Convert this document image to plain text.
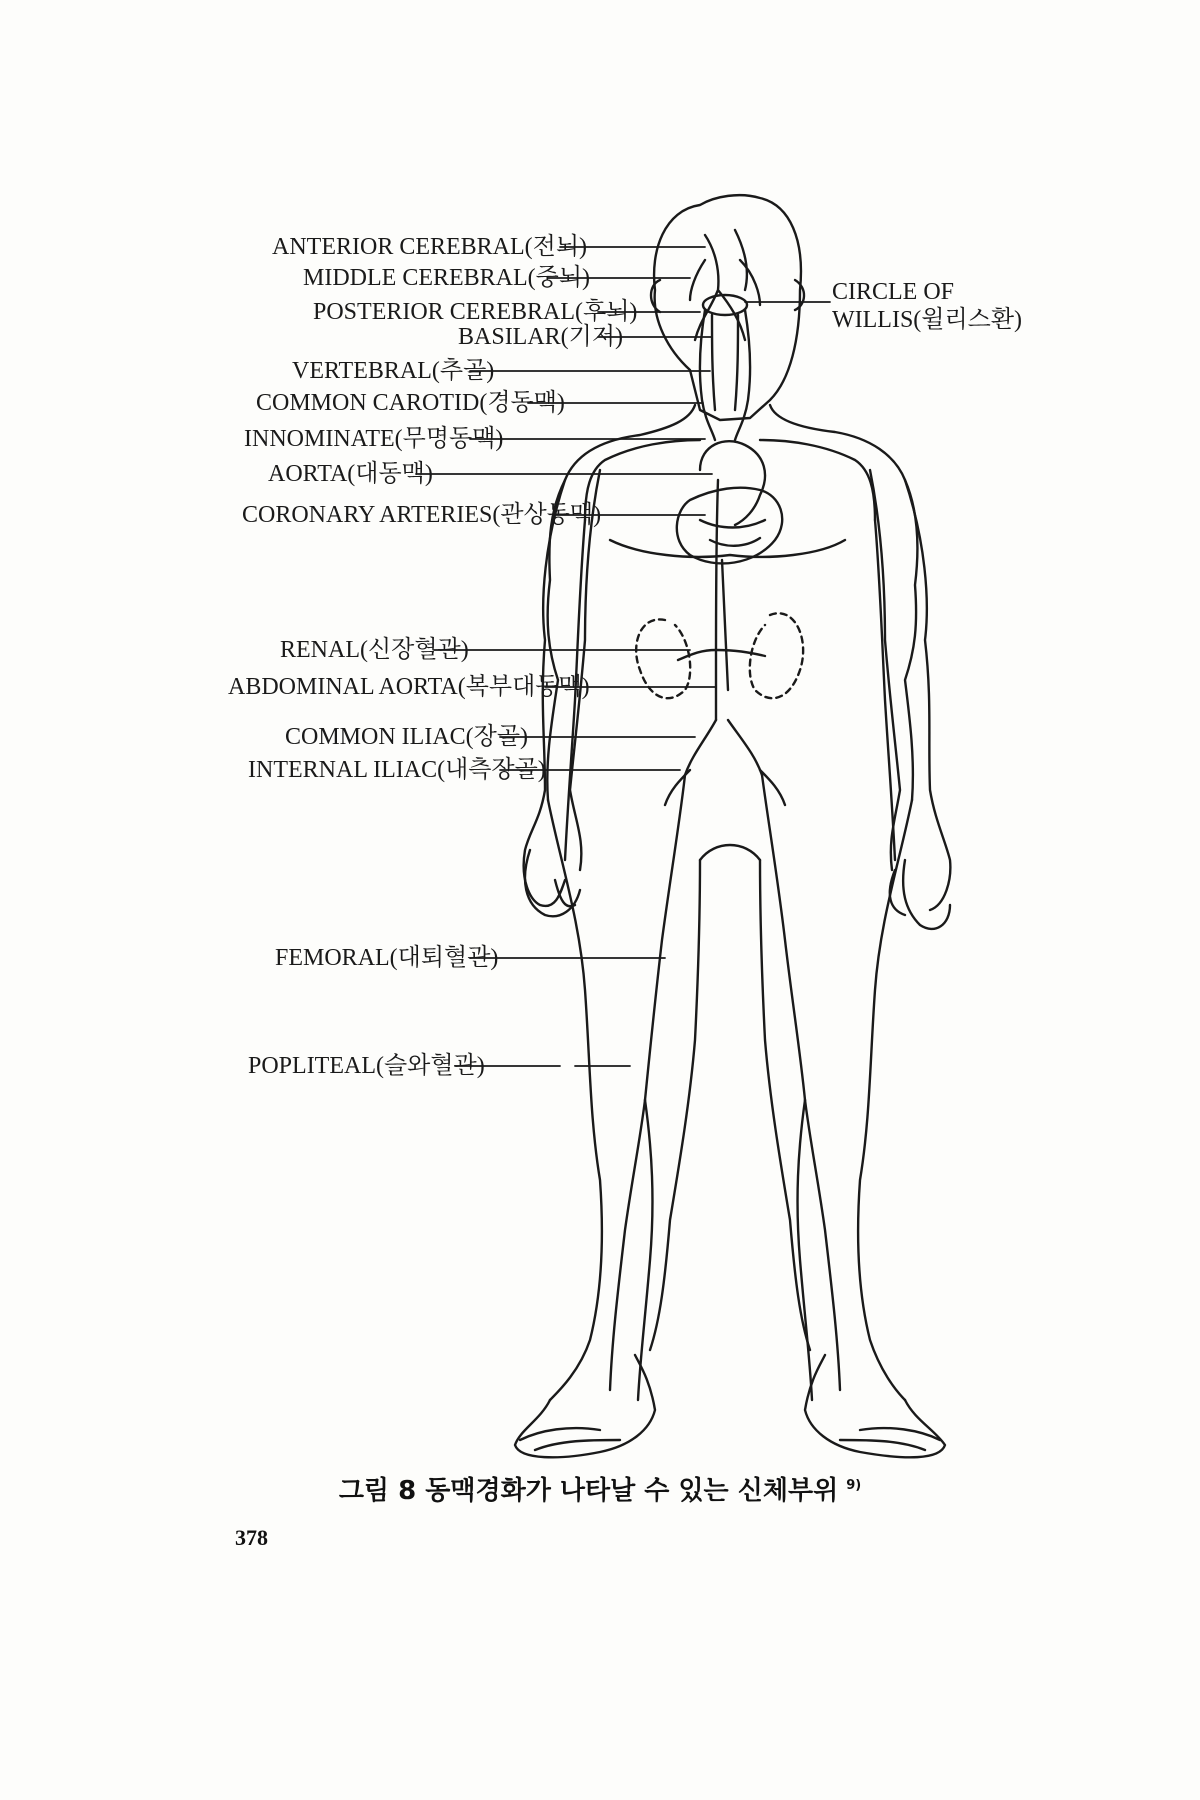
ANTERIOR CEREBRAL(전뇌)
MIDDLE CEREBRAL(중뇌)
POSTERIOR CEREBRAL(후뇌)
BASILAR(기저)
VERTEBRAL(추골)
COMMON CAROTID(경동맥)
INNOMINATE(무명동맥)
AORTA(대동맥)
CORONARY ARTERIES(관상동맥)
RENAL(신장혈관)
ABDOMINAL AORTA(복부대동맥)
COMMON ILIAC(장골)
INTERNAL ILIAC(내측장골)
FEMORAL(대퇴혈관)
POPLITEAL(슬와혈관)
CIRCLE OF
WILLIS(윌리스환)
그림 8 동맥경화가 나타날 수 있는 신체부위 $^{9)}$
378
